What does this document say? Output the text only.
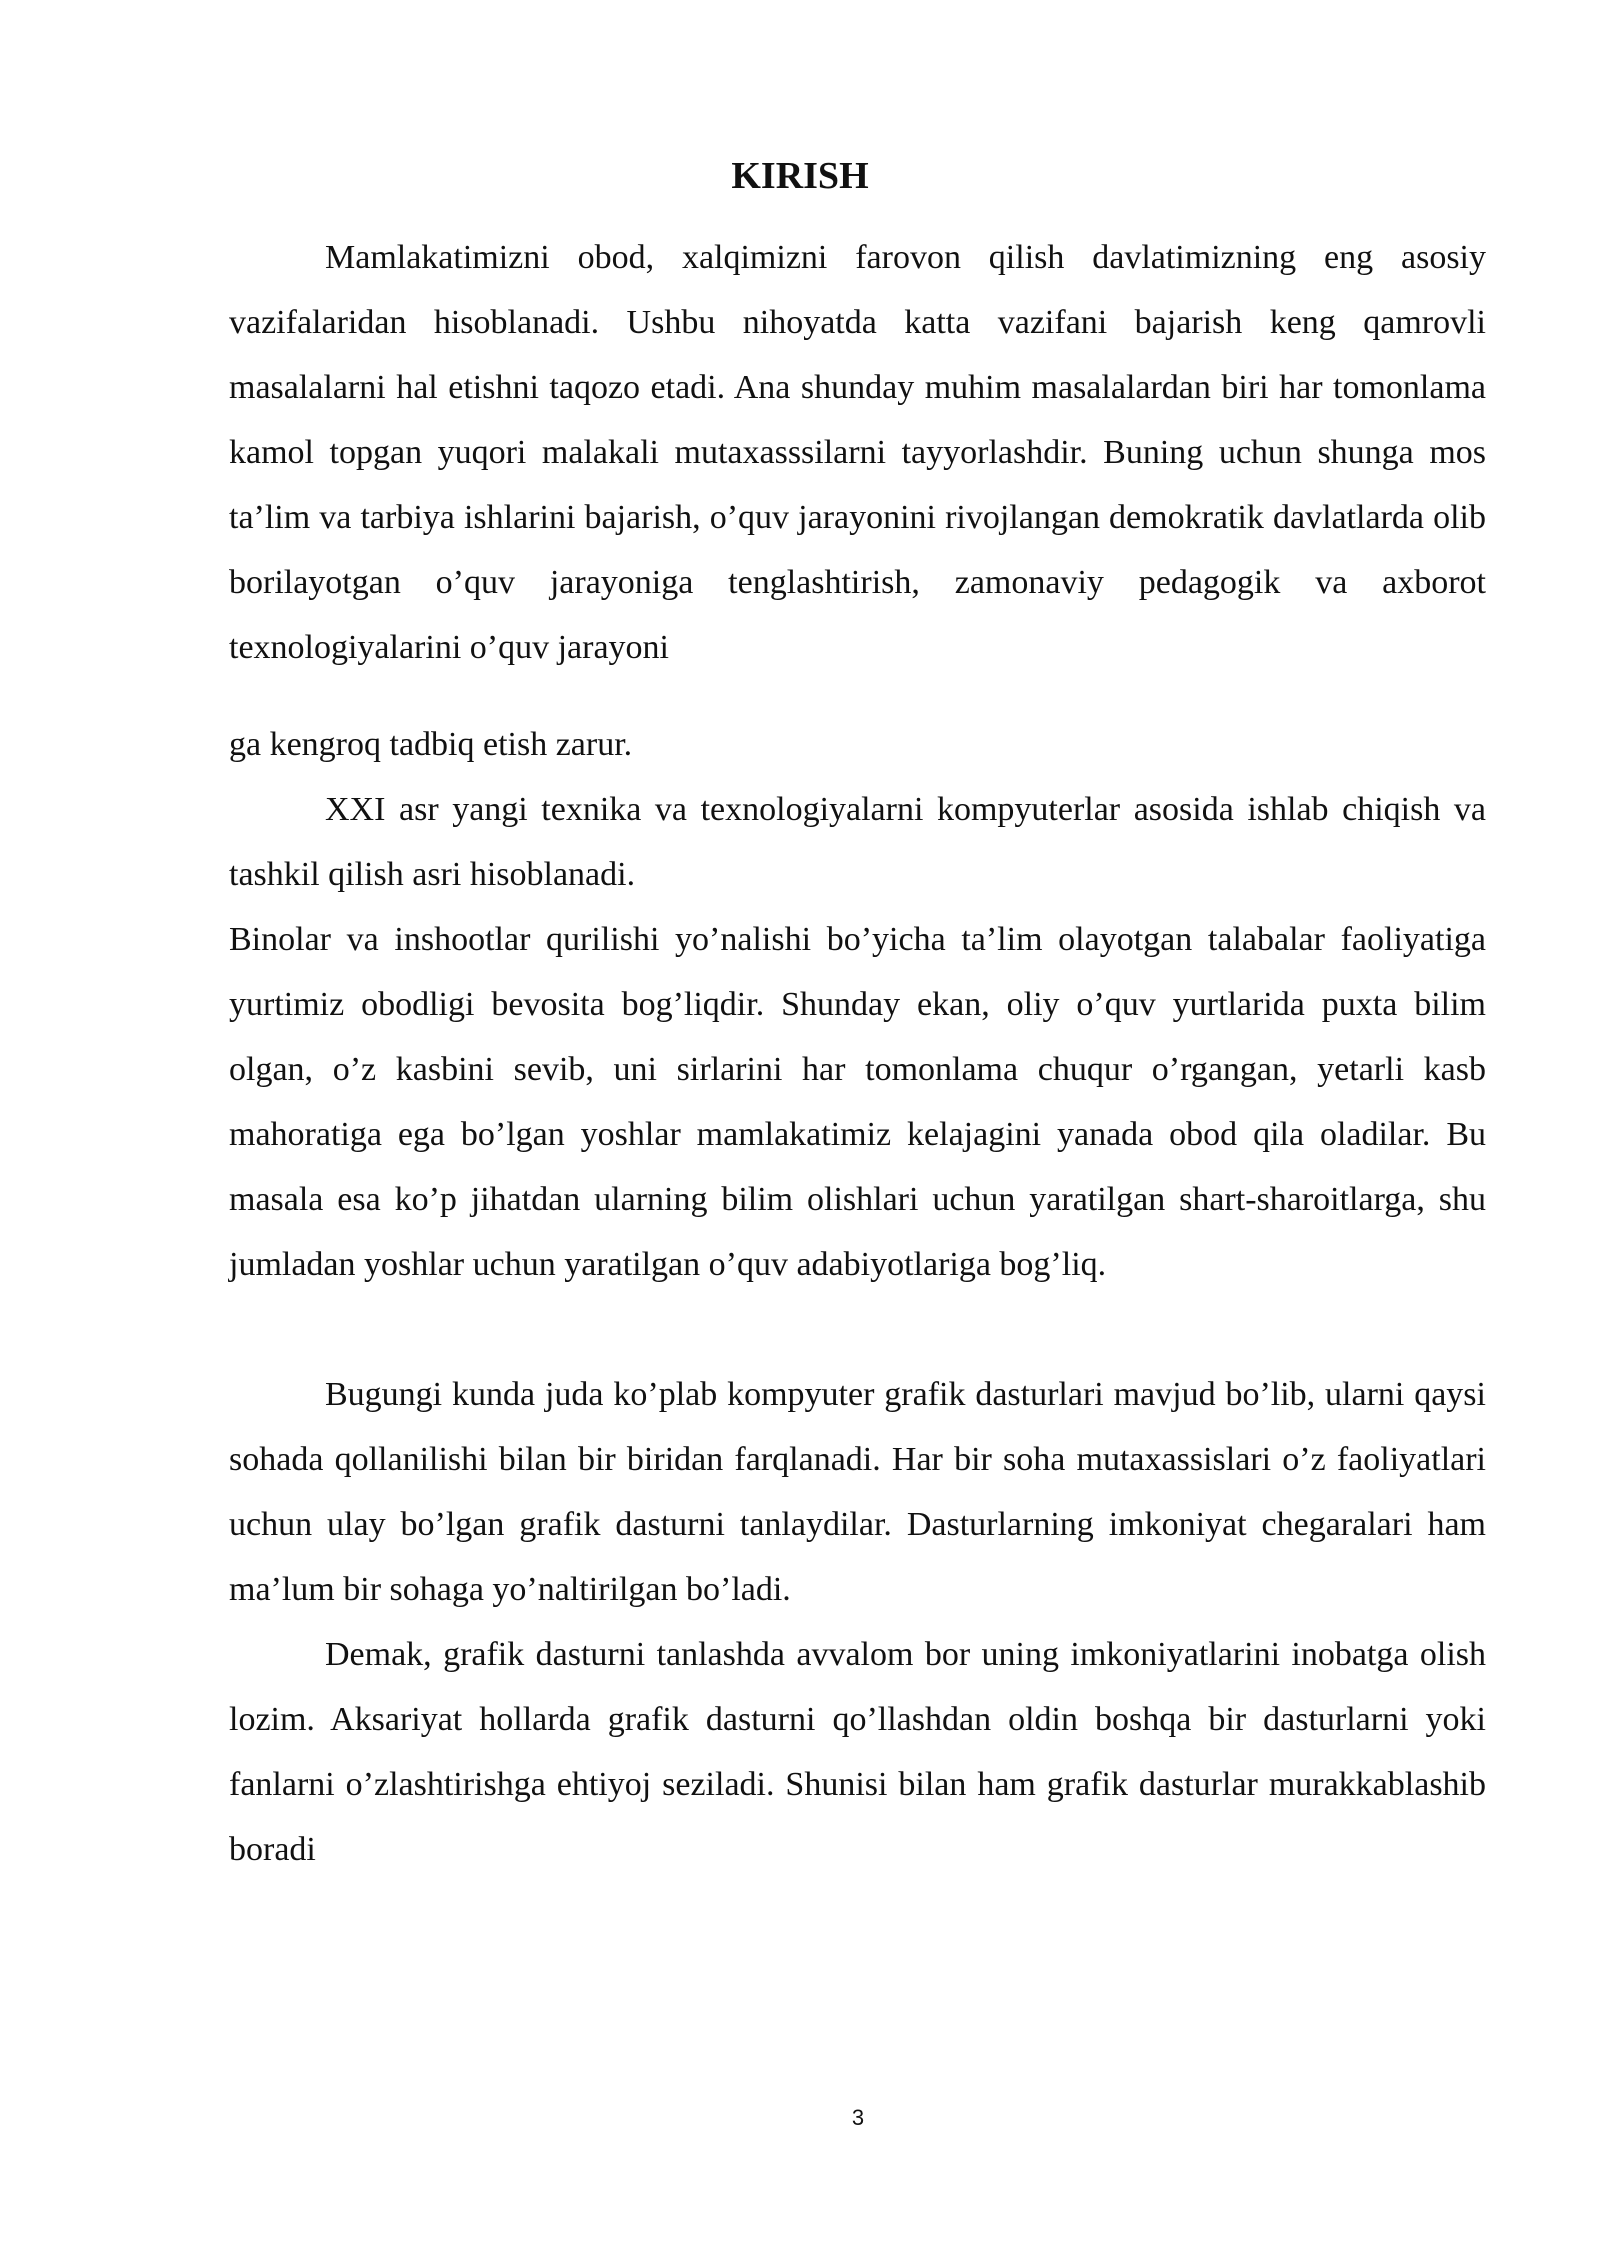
KIRISH

Mamlakatimizni obod, xalqimizni farovon qilish davlatimizning eng asosiy vazifalaridan hisoblanadi. Ushbu nihoyatda katta vazifani bajarish keng qamrovli masalalarni hal etishni taqozo etadi. Ana shunday muhim masalalardan biri har tomonlama kamol topgan yuqori malakali mutaxasssilarni tayyorlashdir. Buning uchun shunga mos ta’lim va tarbiya ishlarini bajarish, o’quv jarayonini rivojlangan demokratik davlatlarda olib borilayotgan o’quv jarayoniga tenglashtirish, zamonaviy pedagogik va axborot texnologiyalarini o’quv jarayoni

ga kengroq tadbiq etish zarur.

XXI asr yangi texnika va texnologiyalarni kompyuterlar asosida ishlab chiqish va tashkil qilish asri hisoblanadi.

Binolar va inshootlar qurilishi yo’nalishi bo’yicha ta’lim olayotgan talabalar faoliyatiga yurtimiz obodligi bevosita bog’liqdir. Shunday ekan, oliy o’quv yurtlarida puxta bilim olgan, o’z kasbini sevib, uni sirlarini har tomonlama chuqur o’rgangan, yetarli kasb mahoratiga ega bo’lgan yoshlar mamlakatimiz kelajagini yanada obod qila oladilar. Bu masala esa ko’p jihatdan ularning bilim olishlari uchun yaratilgan shart-sharoitlarga, shu jumladan yoshlar uchun yaratilgan o’quv adabiyotlariga bog’liq.

Bugungi kunda juda ko’plab kompyuter grafik dasturlari mavjud bo’lib, ularni qaysi sohada qollanilishi bilan bir biridan farqlanadi. Har bir soha mutaxassislari o’z faoliyatlari uchun ulay bo’lgan grafik dasturni tanlaydilar. Dasturlarning imkoniyat chegaralari ham ma’lum bir sohaga yo’naltirilgan bo’ladi.

Demak, grafik dasturni tanlashda avvalom bor uning imkoniyatlarini inobatga olish lozim. Aksariyat hollarda grafik dasturni qo’llashdan oldin boshqa bir dasturlarni yoki fanlarni o’zlashtirishga ehtiyoj seziladi. Shunisi bilan ham grafik dasturlar murakkablashib boradi

3
